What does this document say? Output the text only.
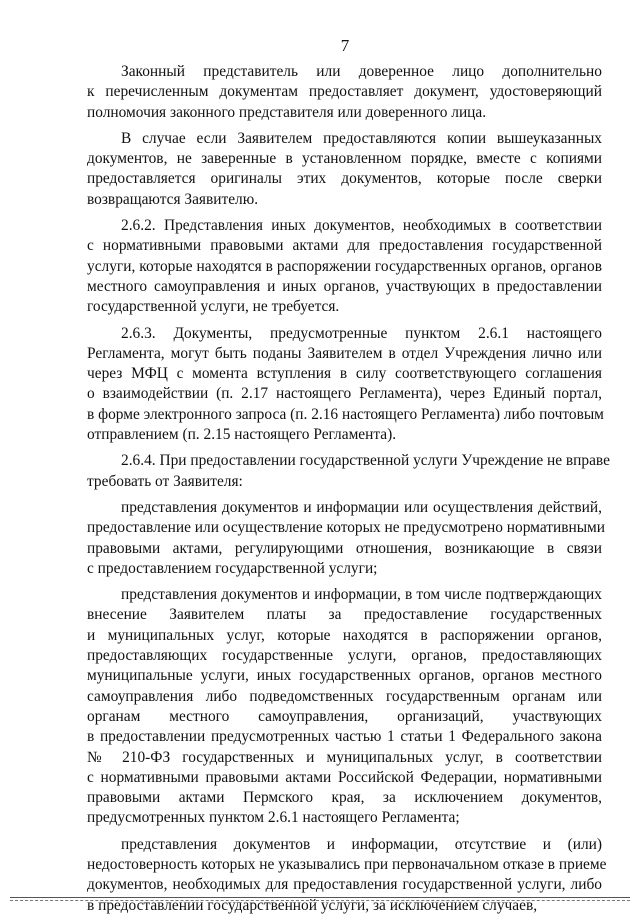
7
Законный представитель или доверенное лицо дополнительно
к перечисленным документам предоставляет документ, удостоверяющий
полномочия законного представителя или доверенного лица.
В случае если Заявителем предоставляются копии вышеуказанных
документов, не заверенные в установленном порядке, вместе с копиями
предоставляется оригиналы этих документов, которые после сверки
возвращаются Заявителю.
2.6.2. Представления иных документов, необходимых в соответствии
с нормативными правовыми актами для предоставления государственной
услуги, которые находятся в распоряжении государственных органов, органов
местного самоуправления и иных органов, участвующих в предоставлении
государственной услуги, не требуется.
2.6.3. Документы, предусмотренные пунктом 2.6.1 настоящего
Регламента, могут быть поданы Заявителем в отдел Учреждения лично или
через МФЦ с момента вступления в силу соответствующего соглашения
о взаимодействии (п. 2.17 настоящего Регламента), через Единый портал,
в форме электронного запроса (п. 2.16 настоящего Регламента) либо почтовым
отправлением (п. 2.15 настоящего Регламента).
2.6.4. При предоставлении государственной услуги Учреждение не вправе
требовать от Заявителя:
представления документов и информации или осуществления действий,
предоставление или осуществление которых не предусмотрено нормативными
правовыми актами, регулирующими отношения, возникающие в связи
с предоставлением государственной услуги;
представления документов и информации, в том числе подтверждающих
внесение Заявителем платы за предоставление государственных
и муниципальных услуг, которые находятся в распоряжении органов,
предоставляющих государственные услуги, органов, предоставляющих
муниципальные услуги, иных государственных органов, органов местного
самоуправления либо подведомственных государственным органам или
органам местного самоуправления, организаций, участвующих
в предоставлении предусмотренных частью 1 статьи 1 Федерального закона
№ 210-ФЗ государственных и муниципальных услуг, в соответствии
с нормативными правовыми актами Российской Федерации, нормативными
правовыми актами Пермского края, за исключением документов,
предусмотренных пунктом 2.6.1 настоящего Регламента;
представления документов и информации, отсутствие и (или)
недостоверность которых не указывались при первоначальном отказе в приеме
документов, необходимых для предоставления государственной услуги, либо
в предоставлении государственной услуги, за исключением случаев,
